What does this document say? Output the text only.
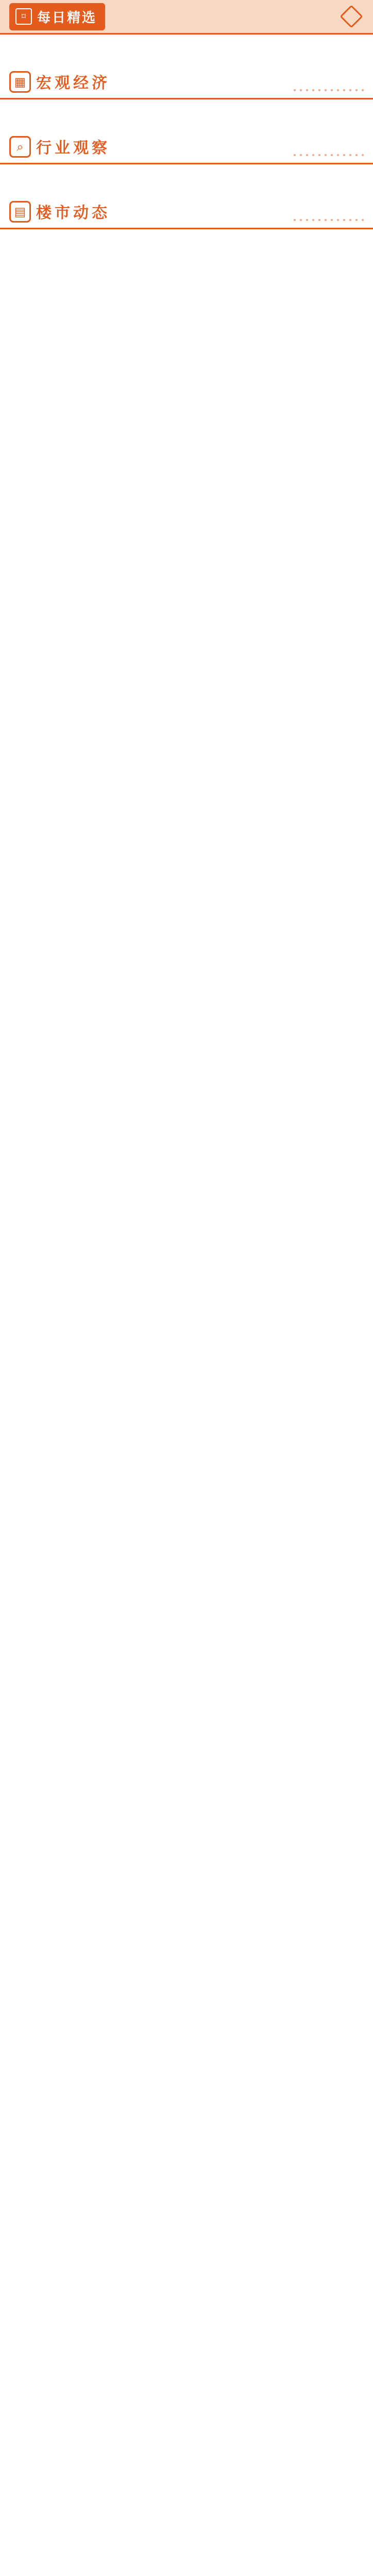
⌑ 每日精选
▦ 宏观经济
⌕ 行业观察
▤ 楼市动态
